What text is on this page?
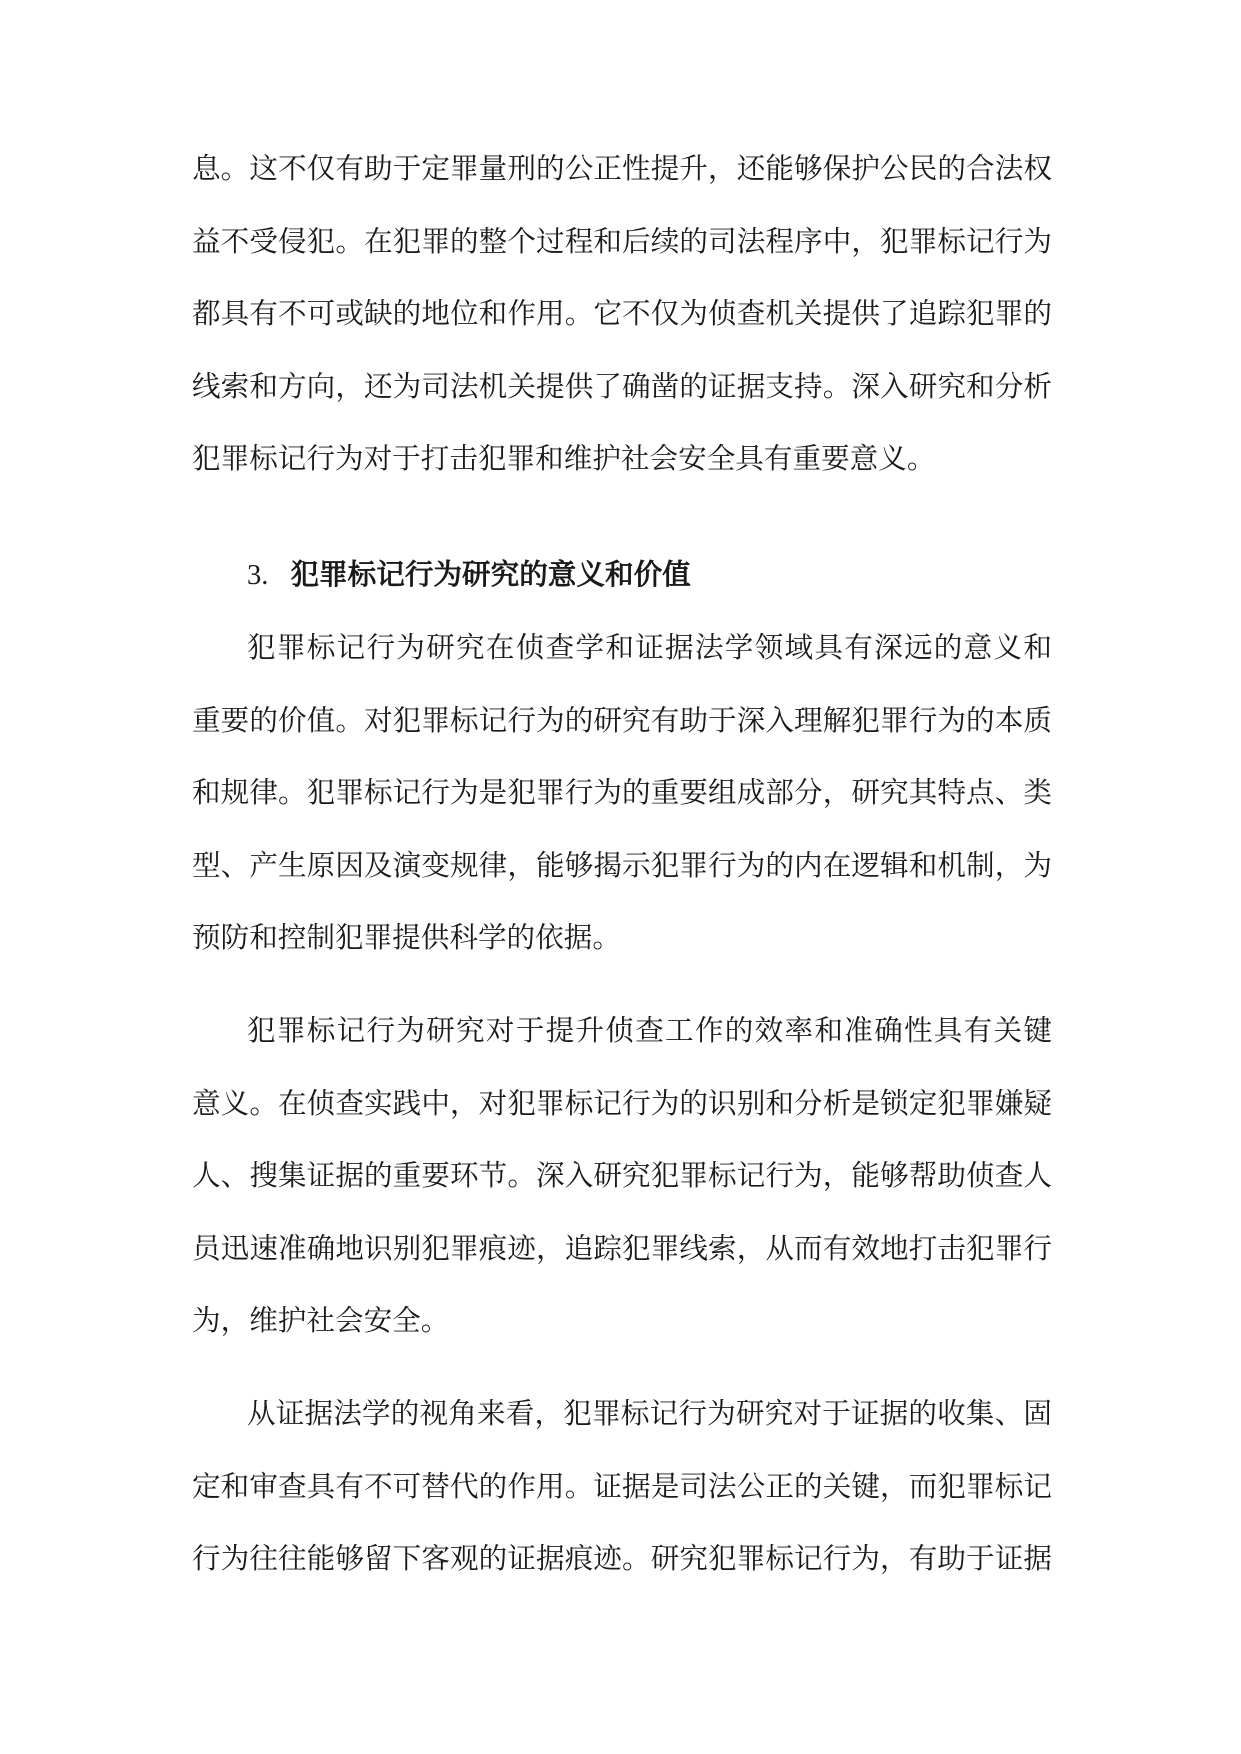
息。这不仅有助于定罪量刑的公正性提升，还能够保护公民的合法权
益不受侵犯。在犯罪的整个过程和后续的司法程序中，犯罪标记行为
都具有不可或缺的地位和作用。它不仅为侦查机关提供了追踪犯罪的
线索和方向，还为司法机关提供了确凿的证据支持。深入研究和分析
犯罪标记行为对于打击犯罪和维护社会安全具有重要意义。
3. 犯罪标记行为研究的意义和价值
犯罪标记行为研究在侦查学和证据法学领域具有深远的意义和
重要的价值。对犯罪标记行为的研究有助于深入理解犯罪行为的本质
和规律。犯罪标记行为是犯罪行为的重要组成部分，研究其特点、类
型、产生原因及演变规律，能够揭示犯罪行为的内在逻辑和机制，为
预防和控制犯罪提供科学的依据。
犯罪标记行为研究对于提升侦查工作的效率和准确性具有关键
意义。在侦查实践中，对犯罪标记行为的识别和分析是锁定犯罪嫌疑
人、搜集证据的重要环节。深入研究犯罪标记行为，能够帮助侦查人
员迅速准确地识别犯罪痕迹，追踪犯罪线索，从而有效地打击犯罪行
为，维护社会安全。
从证据法学的视角来看，犯罪标记行为研究对于证据的收集、固
定和审查具有不可替代的作用。证据是司法公正的关键，而犯罪标记
行为往往能够留下客观的证据痕迹。研究犯罪标记行为，有助于证据
